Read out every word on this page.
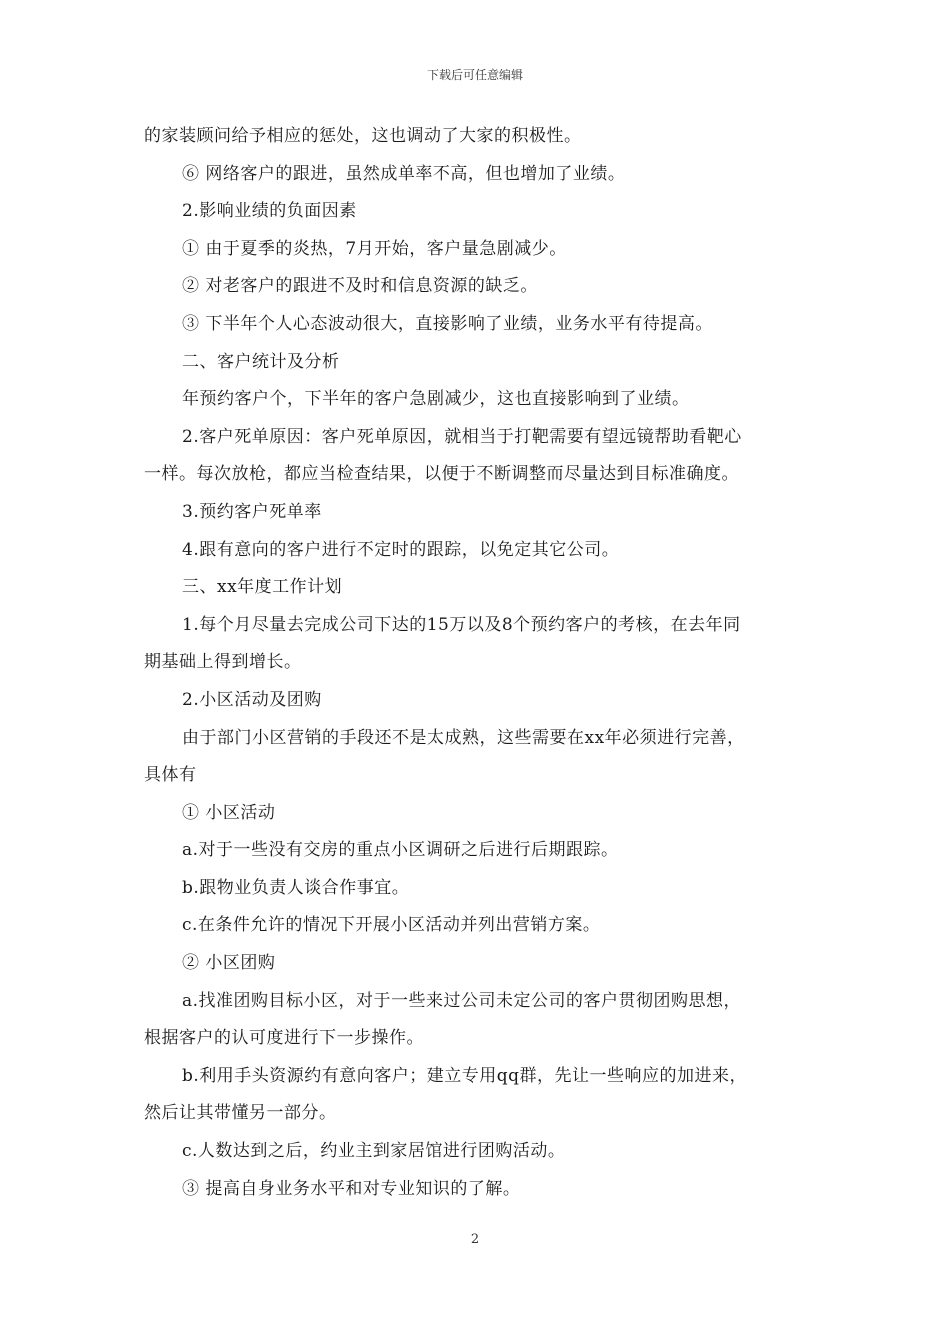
下载后可任意编辑
的家装顾问给予相应的惩处，这也调动了大家的积极性。
⑥ 网络客户的跟进，虽然成单率不高，但也增加了业绩。
2.影响业绩的负面因素
① 由于夏季的炎热，7月开始，客户量急剧减少。
② 对老客户的跟进不及时和信息资源的缺乏。
③ 下半年个人心态波动很大，直接影响了业绩，业务水平有待提高。
二、客户统计及分析
年预约客户个，下半年的客户急剧减少，这也直接影响到了业绩。
2.客户死单原因：客户死单原因，就相当于打靶需要有望远镜帮助看靶心
一样。每次放枪，都应当检查结果，以便于不断调整而尽量达到目标准确度。
3.预约客户死单率
4.跟有意向的客户进行不定时的跟踪，以免定其它公司。
三、xx年度工作计划
1.每个月尽量去完成公司下达的15万以及8个预约客户的考核，在去年同
期基础上得到增长。
2.小区活动及团购
由于部门小区营销的手段还不是太成熟，这些需要在xx年必须进行完善，
具体有
① 小区活动
a.对于一些没有交房的重点小区调研之后进行后期跟踪。
b.跟物业负责人谈合作事宜。
c.在条件允许的情况下开展小区活动并列出营销方案。
② 小区团购
a.找准团购目标小区，对于一些来过公司未定公司的客户贯彻团购思想，
根据客户的认可度进行下一步操作。
b.利用手头资源约有意向客户；建立专用qq群，先让一些响应的加进来，
然后让其带懂另一部分。
c.人数达到之后，约业主到家居馆进行团购活动。
③ 提高自身业务水平和对专业知识的了解。
2
